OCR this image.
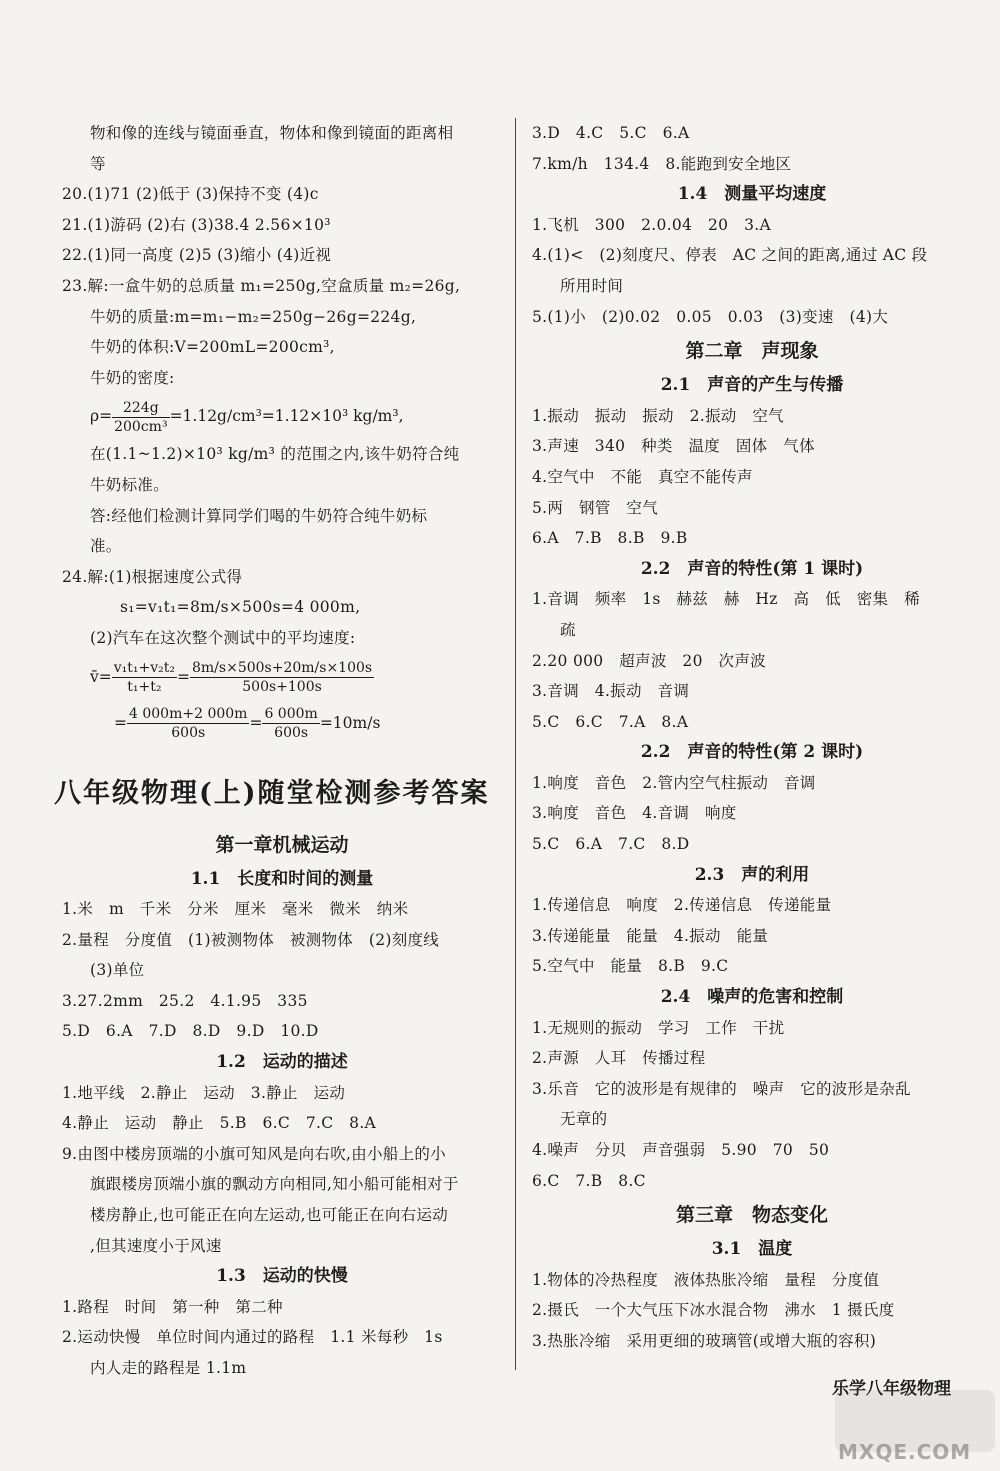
物和像的连线与镜面垂直，物体和像到镜面的距离相
等
20.(1)71 (2)低于 (3)保持不变 (4)c
21.(1)游码 (2)右 (3)38.4 2.56×10³
22.(1)同一高度 (2)5 (3)缩小 (4)近视
23.解:一盒牛奶的总质量 m₁=250g,空盒质量 m₂=26g,
牛奶的质量:m=m₁−m₂=250g−26g=224g,
牛奶的体积:V=200mL=200cm³,
牛奶的密度:
$\rho= \frac{224g}{\text{200cm³}} =1.12g/cm^3=1.12\times 10^3$ kg/m³,
在(1.1~1.2)×10³ kg/m³ 的范围之内,该牛奶符合纯
牛奶标准。
答:经他们检测计算同学们喝的牛奶符合纯牛奶标
准。
24.解:(1)根据速度公式得
s₁=v₁t₁=8m/s×500s=4 000m,
(2)汽车在这次整个测试中的平均速度:
v̄= $\frac{\text{v₁t₁+v₂t₂}}{\text{t₁+t₂}} = \frac{8m/s\times 500s+20m/s\times 100s}{500s+100s}$
= $\frac{4 000m+2 000m}{600s} = \frac{6 000m}{600s} =10m/s$
八年级物理(上)随堂检测参考答案
第一章机械运动
1.1　长度和时间的测量
1.米　m　千米　分米　厘米　毫米　微米　纳米
2.量程　分度值　(1)被测物体　被测物体　(2)刻度线
(3)单位
3.27.2mm　25.2　4.1.95　335
5.D　6.A　7.D　8.D　9.D　10.D
1.2　运动的描述
1.地平线　2.静止　运动　3.静止　运动
4.静止　运动　静止　5.B　6.C　7.C　8.A
9.由图中楼房顶端的小旗可知风是向右吹,由小船上的小
旗跟楼房顶端小旗的飘动方向相同,知小船可能相对于
楼房静止,也可能正在向左运动,也可能正在向右运动
,但其速度小于风速
1.3　运动的快慢
1.路程　时间　第一种　第二种
2.运动快慢　单位时间内通过的路程　1.1 米每秒　1s
内人走的路程是 1.1m
3.D　4.C　5.C　6.A
7.km/h　134.4　8.能跑到安全地区
1.4　测量平均速度
1.飞机　300　2.0.04　20　3.A
4.(1)<　(2)刻度尺、停表　AC 之间的距离,通过 AC 段
所用时间
5.(1)小　(2)0.02　0.05　0.03　(3)变速　(4)大
第二章　声现象
2.1　声音的产生与传播
1.振动　振动　振动　2.振动　空气
3.声速　340　种类　温度　固体　气体
4.空气中　不能　真空不能传声
5.两　钢管　空气
6.A　7.B　8.B　9.B
2.2　声音的特性(第 1 课时)
1.音调　频率　1s　赫兹　赫　Hz　高　低　密集　稀
疏
2.20 000　超声波　20　次声波
3.音调　4.振动　音调
5.C　6.C　7.A　8.A
2.2　声音的特性(第 2 课时)
1.响度　音色　2.管内空气柱振动　音调
3.响度　音色　4.音调　响度
5.C　6.A　7.C　8.D
2.3　声的利用
1.传递信息　响度　2.传递信息　传递能量
3.传递能量　能量　4.振动　能量
5.空气中　能量　8.B　9.C
2.4　噪声的危害和控制
1.无规则的振动　学习　工作　干扰
2.声源　人耳　传播过程
3.乐音　它的波形是有规律的　噪声　它的波形是杂乱
无章的
4.噪声　分贝　声音强弱　5.90　70　50
6.C　7.B　8.C
第三章　物态变化
3.1　温度
1.物体的冷热程度　液体热胀冷缩　量程　分度值
2.摄氏　一个大气压下冰水混合物　沸水　1 摄氏度
3.热胀冷缩　采用更细的玻璃管(或增大瓶的容积)
乐学八年级物理
MXQE.COM
